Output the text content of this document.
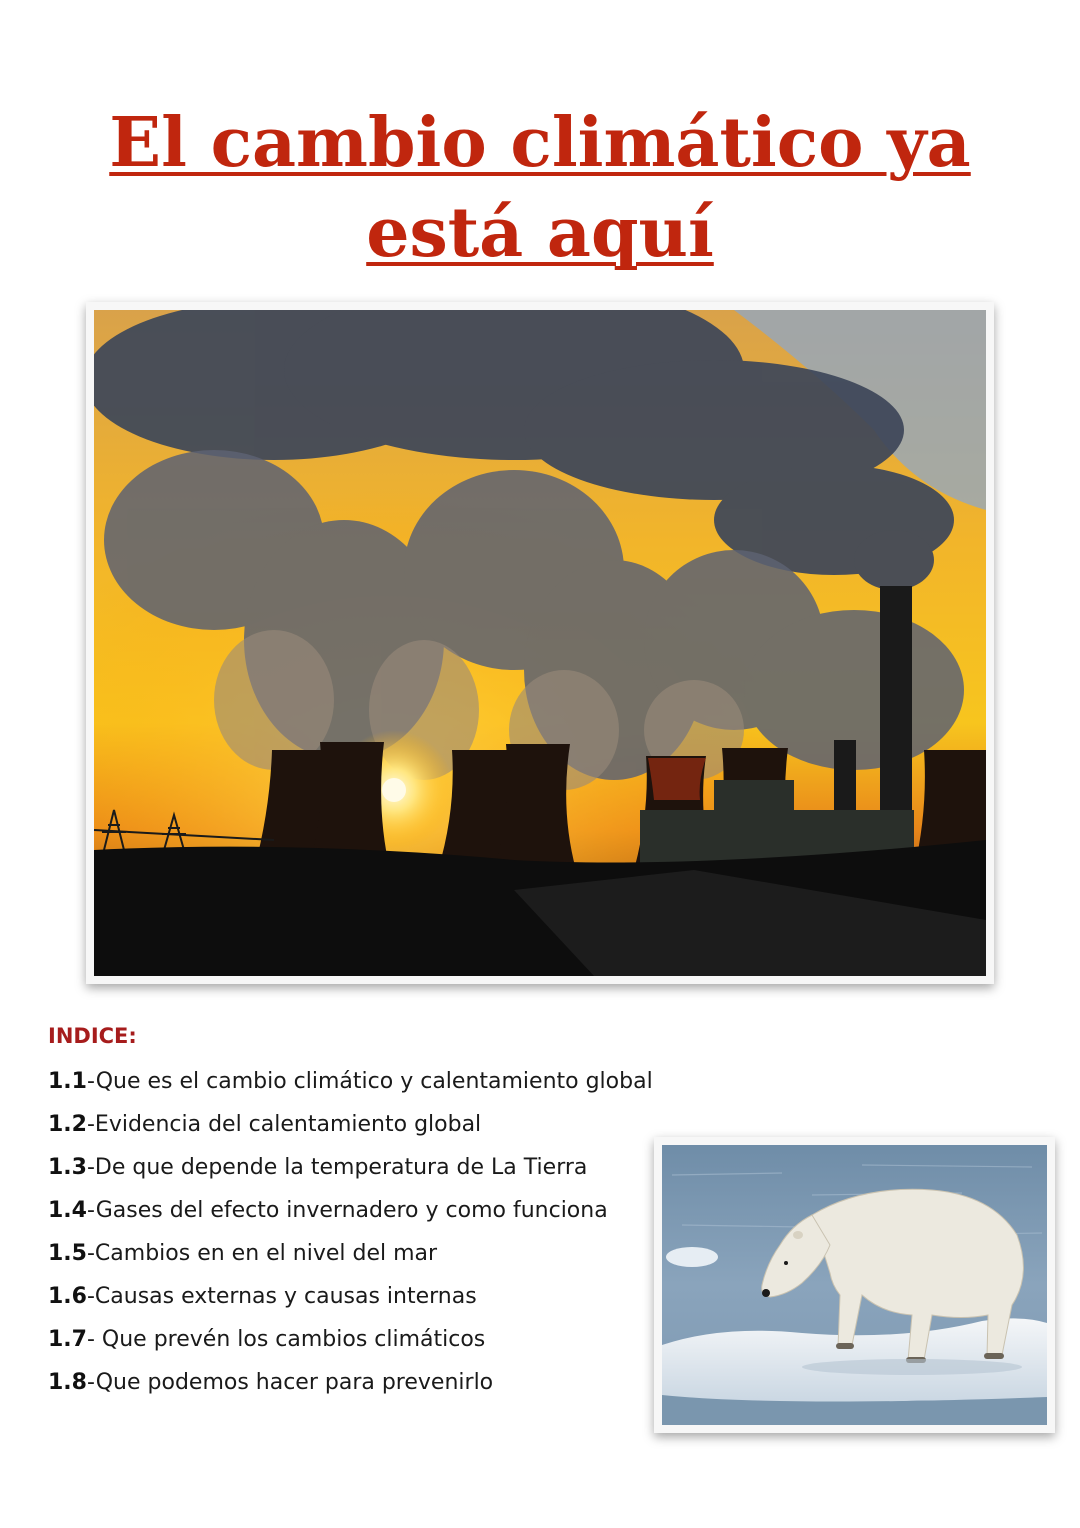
El cambio climático ya
está aquí
INDICE:
1.1-Que es el cambio climático y calentamiento global
1.2-Evidencia del calentamiento global
1.3-De que depende la temperatura de La Tierra
1.4-Gases del efecto invernadero y como funciona
1.5-Cambios en en el nivel del mar
1.6-Causas externas y causas internas
1.7- Que prevén los cambios climáticos
1.8-Que podemos hacer para prevenirlo
